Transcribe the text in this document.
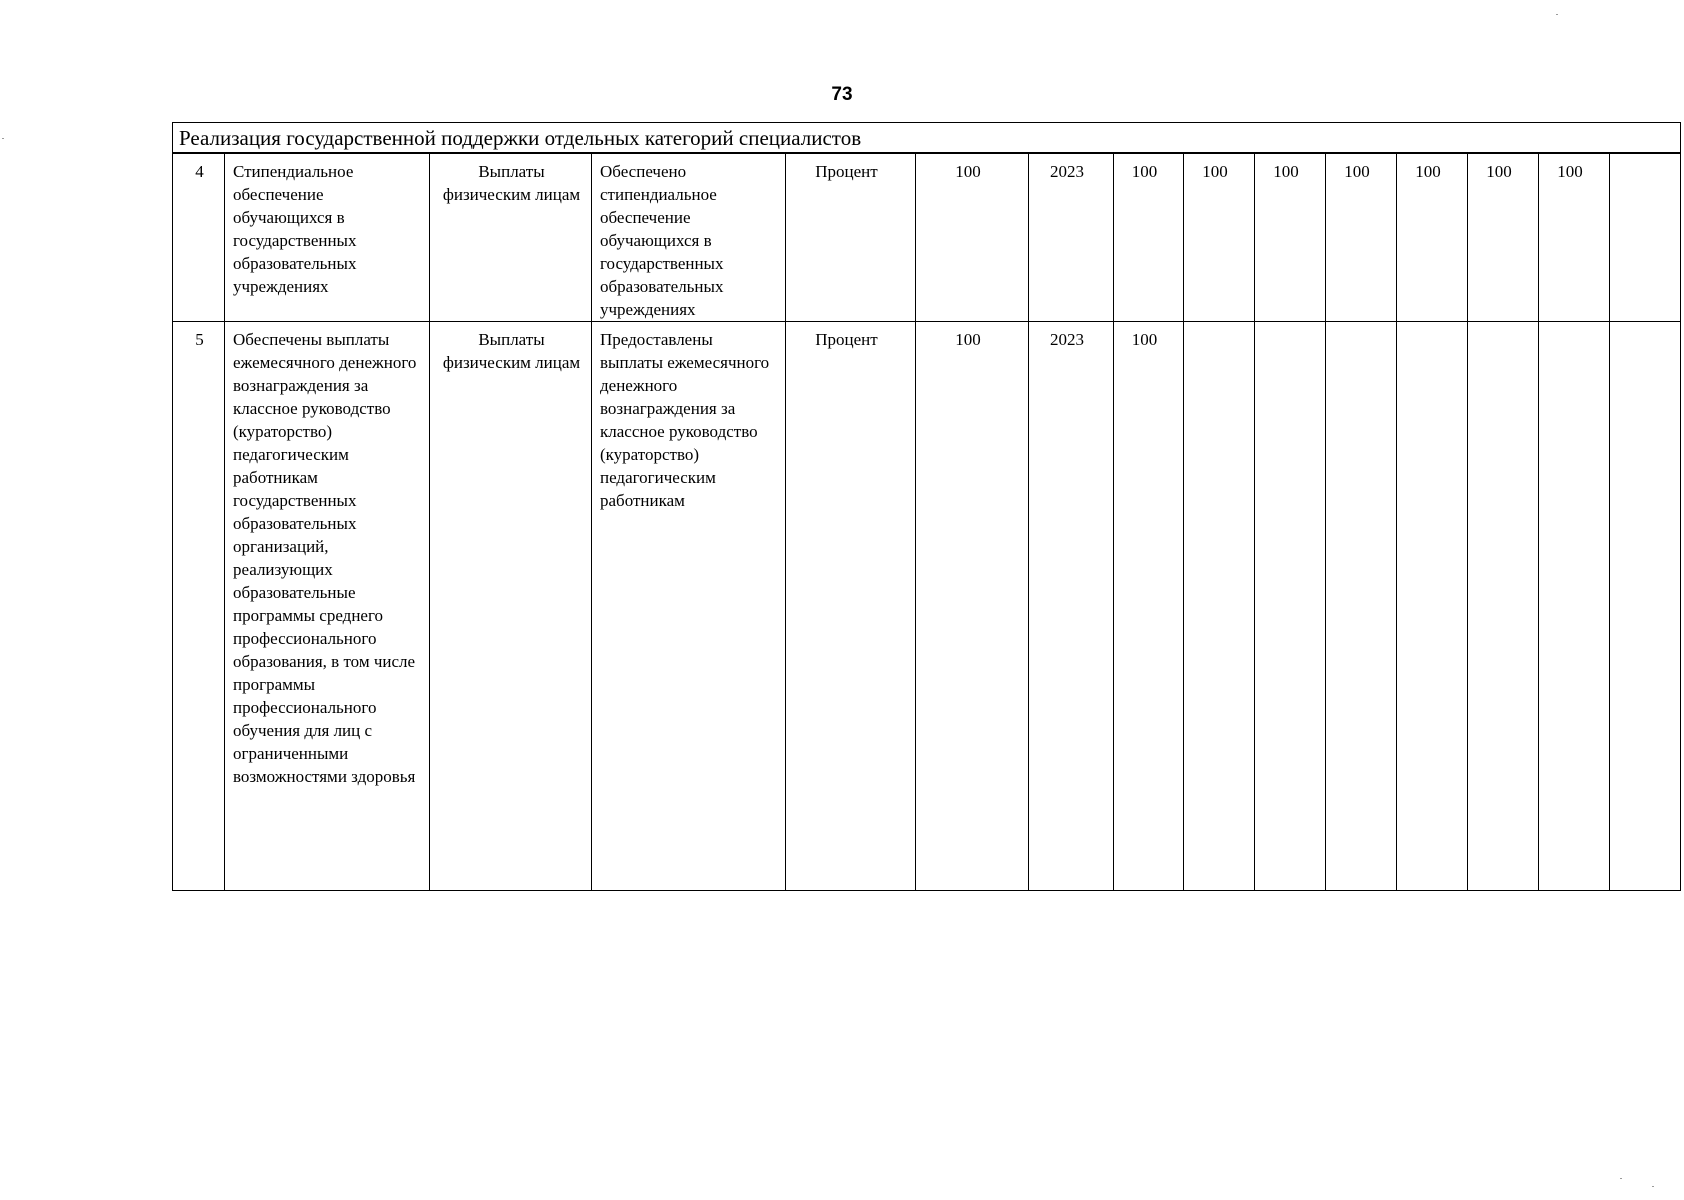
73
Реализация государственной поддержки отдельных категорий специалистов														
4	Стипендиальное обеспечение обучающихся в государственных образовательных учреждениях	Выплаты физическим лицам	Обеспечено стипендиальное обеспечение обучающихся в государственных образовательных учреждениях	Процент	100	2023	100	100	100	100	100	100	100	
5	Обеспечены выплаты ежемесячного денежного вознаграждения за классное руководство (кураторство) педагогическим работникам государственных образовательных организаций, реализующих образовательные программы среднего профессионального образования, в том числе программы профессионального обучения для лиц с ограниченными возможностями здоровья	Выплаты физическим лицам	Предоставлены выплаты ежемесячного денежного вознаграждения за классное руководство (кураторство) педагогическим работникам	Процент	100	2023	100							
